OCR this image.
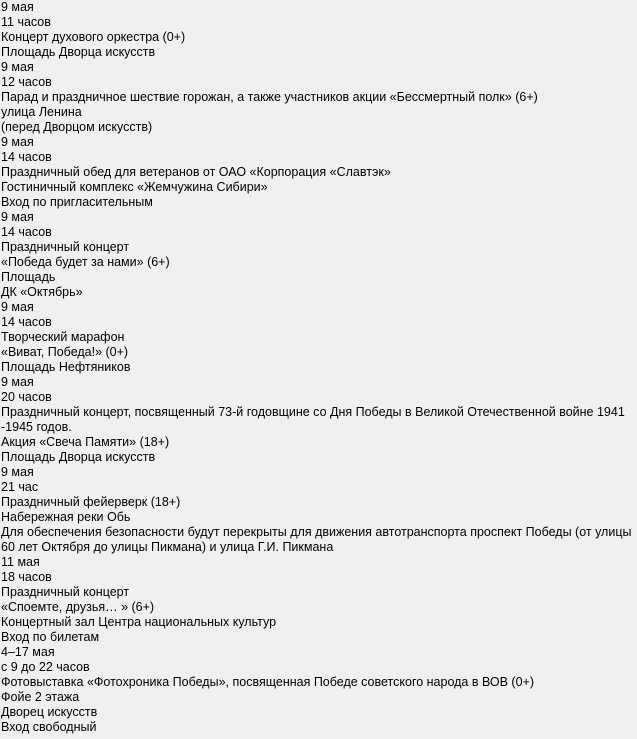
9 мая
11 часов
Концерт духового оркестра (0+)
Площадь Дворца искусств
9 мая
12 часов
Парад и праздничное шествие горожан, а также участников акции «Бессмертный полк» (6+)
улица Ленина
(перед Дворцом искусств)
9 мая
14 часов
Праздничный обед для ветеранов от ОАО «Корпорация «Славтэк»
Гостиничный комплекс «Жемчужина Сибири»
Вход по пригласительным
9 мая
14 часов
Праздничный концерт
«Победа будет за нами» (6+)
Площадь
ДК «Октябрь»
9 мая
14 часов
Творческий марафон
«Виват, Победа!» (0+)
Площадь Нефтяников
9 мая
20 часов
Праздничный концерт, посвященный 73-й годовщине со Дня Победы в Великой Отечественной войне 1941 -1945 годов.
Акция «Свеча Памяти» (18+)
Площадь Дворца искусств
9 мая
21 час
Праздничный фейерверк (18+)
Набережная реки Обь
Для обеспечения безопасности будут перекрыты для движения автотранспорта проспект Победы (от улицы 60 лет Октября до улицы Пикмана) и улица Г.И. Пикмана
11 мая
18 часов
Праздничный концерт
«Споемте, друзья… » (6+)
Концертный зал Центра национальных культур
Вход по билетам
4–17 мая
с 9 до 22 часов
Фотовыставка «Фотохроника Победы», посвященная Победе советского народа в ВОВ (0+)
Фойе 2 этажа
Дворец искусств
Вход свободный
